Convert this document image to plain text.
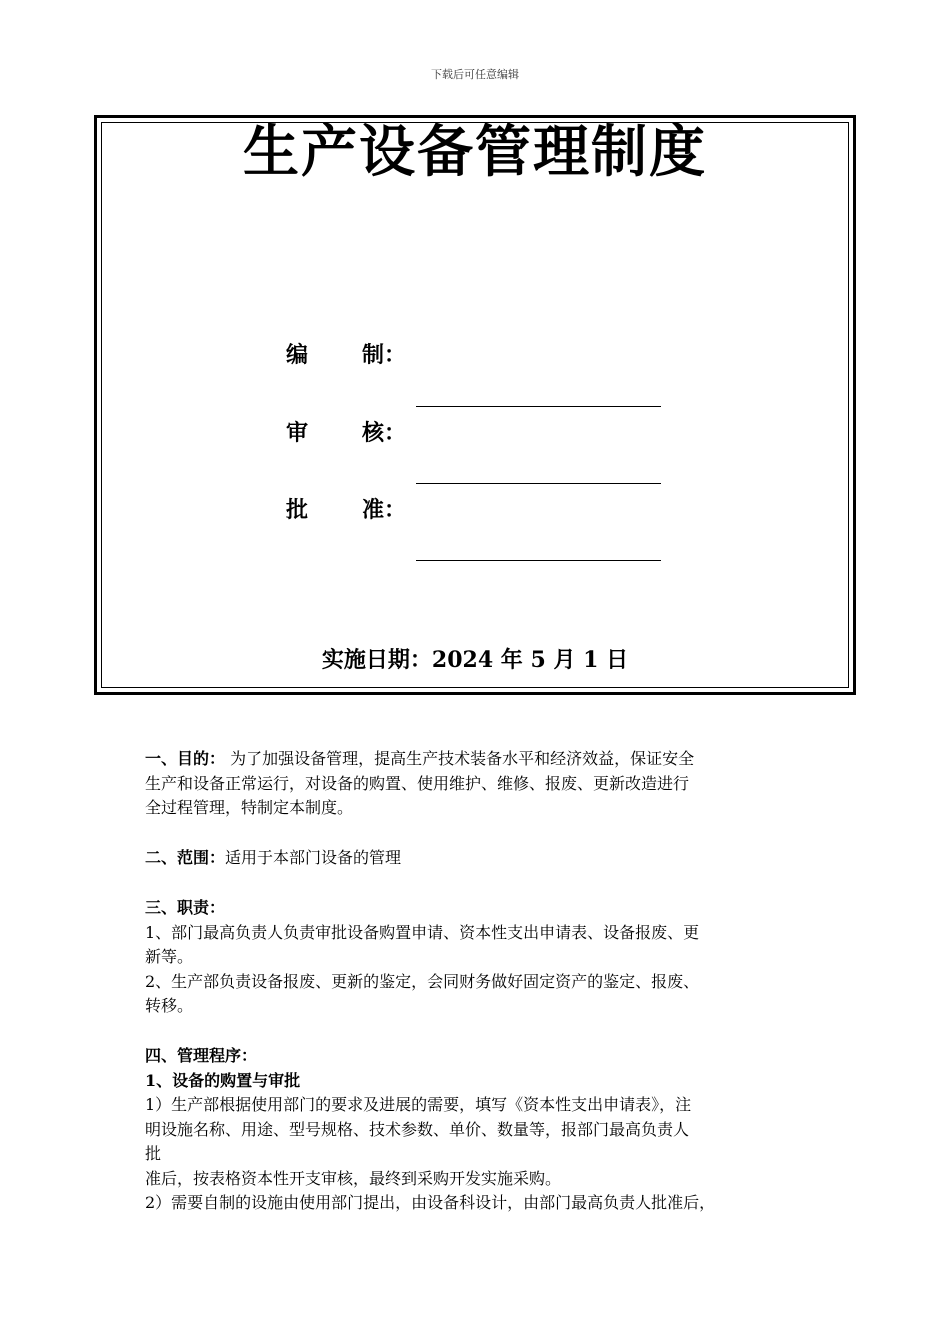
下载后可任意编辑
生产设备管理制度
编 制：
审 核：
批 准：
实施日期：2024 年 5 月 1 日

一、目的： 为了加强设备管理，提高生产技术装备水平和经济效益，保证安全

生产和设备正常运行，对设备的购置、使用维护、维修、报废、更新改造进行

全过程管理，特制定本制度。

二、范围：适用于本部门设备的管理

三、职责：

1、部门最高负责人负责审批设备购置申请、资本性支出申请表、设备报废、更

新等。

2、生产部负责设备报废、更新的鉴定，会同财务做好固定资产的鉴定、报废、

转移。

四、管理程序：

1、设备的购置与审批

1）生产部根据使用部门的要求及进展的需要，填写《资本性支出申请表》，注

明设施名称、用途、型号规格、技术参数、单价、数量等，报部门最高负责人

批

准后，按表格资本性开支审核，最终到采购开发实施采购。

2）需要自制的设施由使用部门提出，由设备科设计，由部门最高负责人批准后，
